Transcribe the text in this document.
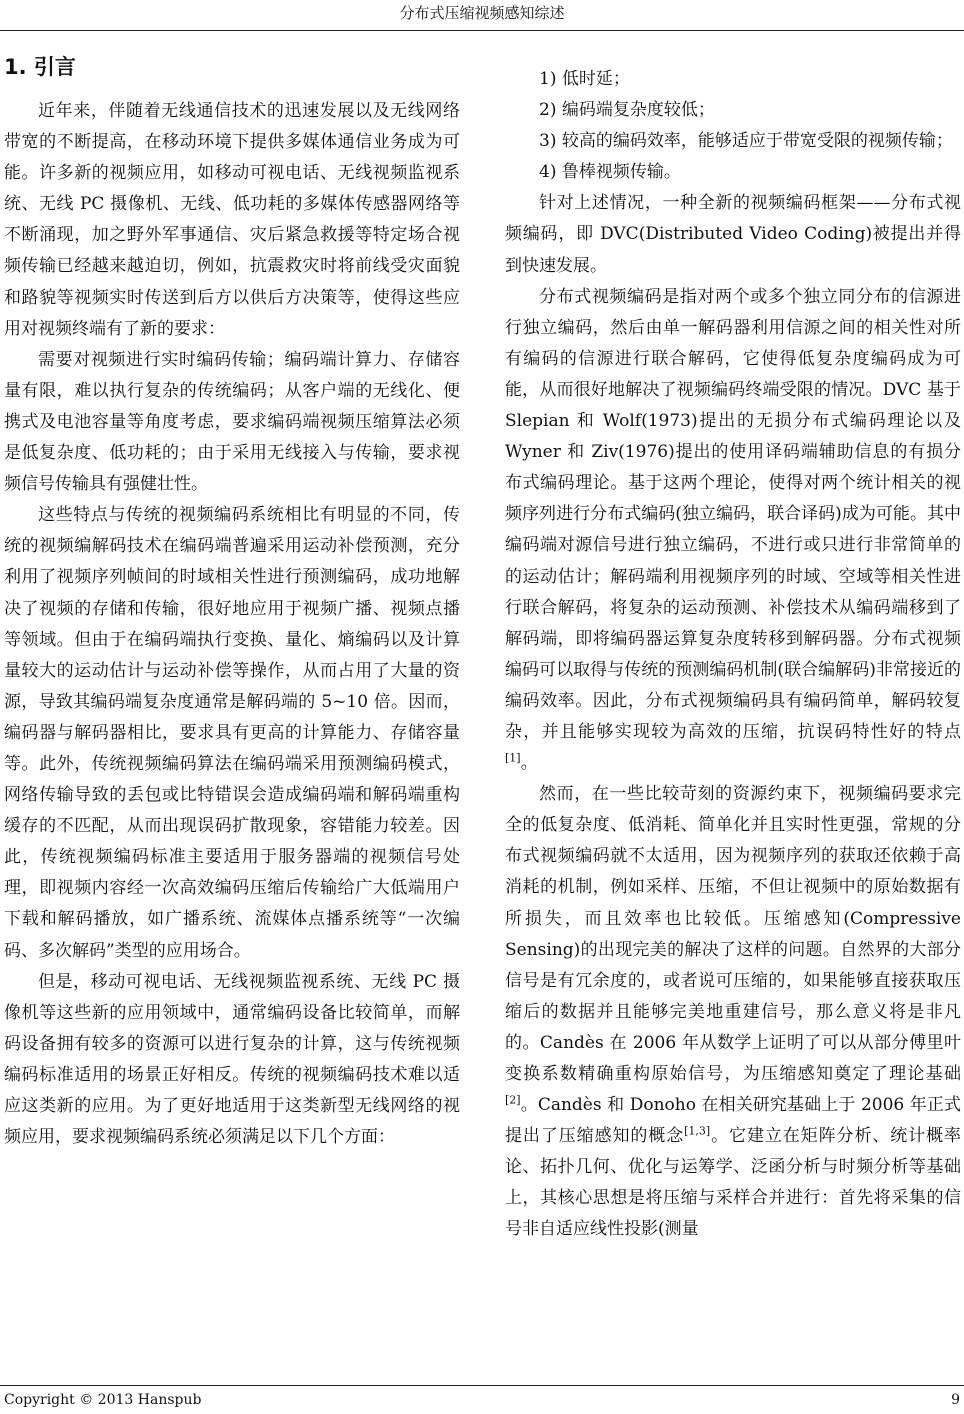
分布式压缩视频感知综述
1. 引言

近年来，伴随着无线通信技术的迅速发展以及无线网络带宽的不断提高，在移动环境下提供多媒体通信业务成为可能。许多新的视频应用，如移动可视电话、无线视频监视系统、无线 PC 摄像机、无线、低功耗的多媒体传感器网络等不断涌现，加之野外军事通信、灾后紧急救援等特定场合视频传输已经越来越迫切，例如，抗震救灾时将前线受灾面貌和路貌等视频实时传送到后方以供后方决策等，使得这些应用对视频终端有了新的要求：

需要对视频进行实时编码传输；编码端计算力、存储容量有限，难以执行复杂的传统编码；从客户端的无线化、便携式及电池容量等角度考虑，要求编码端视频压缩算法必须是低复杂度、低功耗的；由于采用无线接入与传输，要求视频信号传输具有强健壮性。

这些特点与传统的视频编码系统相比有明显的不同，传统的视频编解码技术在编码端普遍采用运动补偿预测，充分利用了视频序列帧间的时域相关性进行预测编码，成功地解决了视频的存储和传输，很好地应用于视频广播、视频点播等领域。但由于在编码端执行变换、量化、熵编码以及计算量较大的运动估计与运动补偿等操作，从而占用了大量的资源，导致其编码端复杂度通常是解码端的 5~10 倍。因而，编码器与解码器相比，要求具有更高的计算能力、存储容量等。此外，传统视频编码算法在编码端采用预测编码模式，网络传输导致的丢包或比特错误会造成编码端和解码端重构缓存的不匹配，从而出现误码扩散现象，容错能力较差。因此，传统视频编码标准主要适用于服务器端的视频信号处理，即视频内容经一次高效编码压缩后传输给广大低端用户下载和解码播放，如广播系统、流媒体点播系统等“一次编码、多次解码”类型的应用场合。

但是，移动可视电话、无线视频监视系统、无线 PC 摄像机等这些新的应用领域中，通常编码设备比较简单，而解码设备拥有较多的资源可以进行复杂的计算，这与传统视频编码标准适用的场景正好相反。传统的视频编码技术难以适应这类新的应用。为了更好地适用于这类新型无线网络的视频应用，要求视频编码系统必须满足以下几个方面：

1) 低时延；

2) 编码端复杂度较低；

3) 较高的编码效率，能够适应于带宽受限的视频传输；

4) 鲁棒视频传输。

针对上述情况，一种全新的视频编码框架——分布式视频编码，即 DVC(Distributed Video Coding)被提出并得到快速发展。

分布式视频编码是指对两个或多个独立同分布的信源进行独立编码，然后由单一解码器利用信源之间的相关性对所有编码的信源进行联合解码，它使得低复杂度编码成为可能，从而很好地解决了视频编码终端受限的情况。DVC 基于 Slepian 和 Wolf(1973)提出的无损分布式编码理论以及 Wyner 和 Ziv(1976)提出的使用译码端辅助信息的有损分布式编码理论。基于这两个理论，使得对两个统计相关的视频序列进行分布式编码(独立编码，联合译码)成为可能。其中编码端对源信号进行独立编码，不进行或只进行非常简单的的运动估计；解码端利用视频序列的时域、空域等相关性进行联合解码，将复杂的运动预测、补偿技术从编码端移到了解码端，即将编码器运算复杂度转移到解码器。分布式视频编码可以取得与传统的预测编码机制(联合编解码)非常接近的编码效率。因此，分布式视频编码具有编码简单，解码较复杂，并且能够实现较为高效的压缩，抗误码特性好的特点[1]。

然而，在一些比较苛刻的资源约束下，视频编码要求完全的低复杂度、低消耗、简单化并且实时性更强，常规的分布式视频编码就不太适用，因为视频序列的获取还依赖于高消耗的机制，例如采样、压缩，不但让视频中的原始数据有所损失，而且效率也比较低。压缩感知(Compressive Sensing)的出现完美的解决了这样的问题。自然界的大部分信号是有冗余度的，或者说可压缩的，如果能够直接获取压缩后的数据并且能够完美地重建信号，那么意义将是非凡的。Candès 在 2006 年从数学上证明了可以从部分傅里叶变换系数精确重构原始信号，为压缩感知奠定了理论基础[2]。Candès 和 Donoho 在相关研究基础上于 2006 年正式提出了压缩感知的概念[1,3]。它建立在矩阵分析、统计概率论、拓扑几何、优化与运筹学、泛函分析与时频分析等基础上，其核心思想是将压缩与采样合并进行：首先将采集的信号非自适应线性投影(测量

Copyright © 2013 Hanspub	9
